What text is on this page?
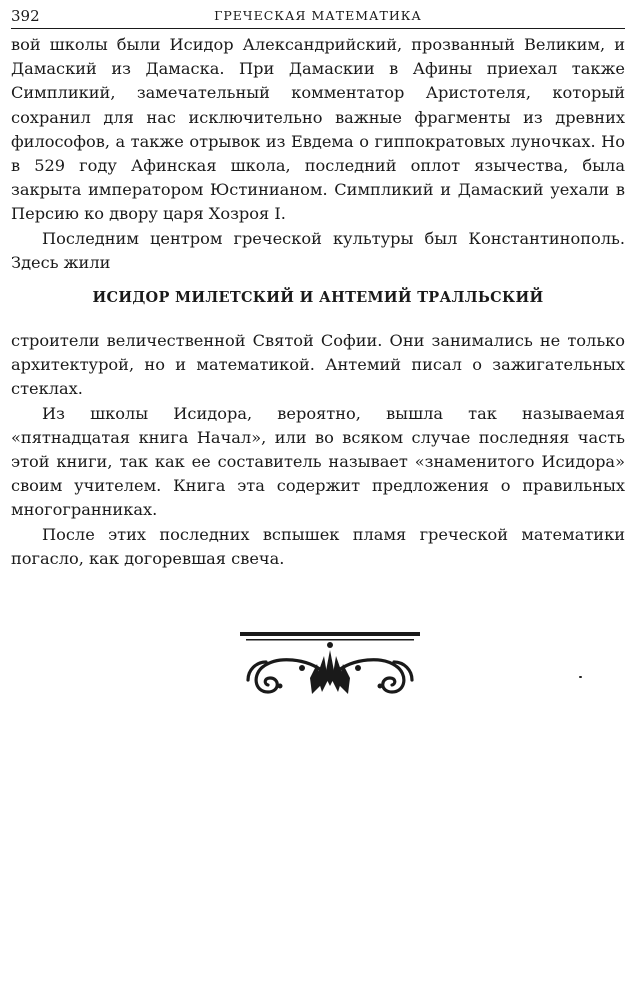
392	ГРЕЧЕСКАЯ МАТЕМАТИКА

вой школы были Исидор Александрийский, прозванный Великим, и Дамаский из Дамаска. При Дамаскии в Афины приехал также Симпликий, замечательный комментатор Аристотеля, который сохранил для нас исключительно важные фрагменты из древних философов, а также отрывок из Евдема о гиппократовых луночках. Но в 529 году Афинская школа, последний оплот язычества, была закрыта императором Юстинианом. Симпликий и Дамаский уехали в Персию ко двору царя Хозроя I.

Последним центром греческой культуры был Константинополь. Здесь жили

ИСИДОР МИЛЕТСКИЙ И АНТЕМИЙ ТРАЛЛЬСКИЙ

строители величественной Святой Софии. Они занимались не только архитектурой, но и математикой. Антемий писал о зажигательных стеклах.

Из школы Исидора, вероятно, вышла так называемая «пятнадцатая книга Начал», или во всяком случае последняя часть этой книги, так как ее составитель называет «знаменитого Исидора» своим учителем. Книга эта содержит предложения о правильных многогранниках.

После этих последних вспышек пламя греческой математики погасло, как догоревшая свеча.
